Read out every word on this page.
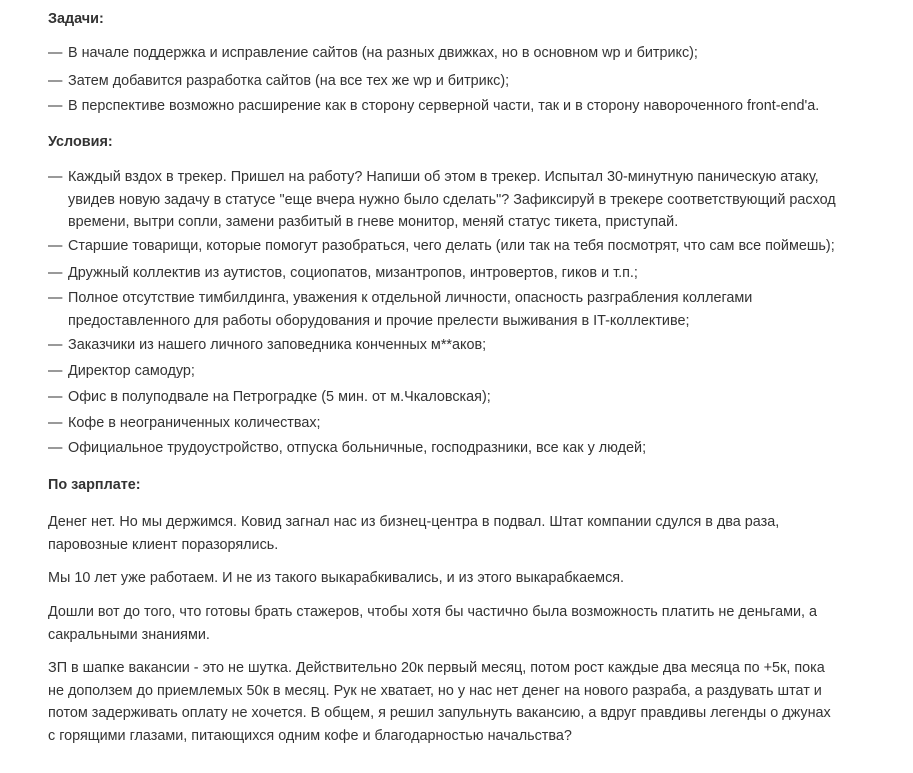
Задачи:
— В начале поддержка и исправление сайтов (на разных движках, но в основном wp и битрикс);
— Затем добавится разработка сайтов (на все тех же wp и битрикс);
— В перспективе возможно расширение как в сторону серверной части, так и в сторону навороченного front-end'а.
Условия:
— Каждый вздох в трекер. Пришел на работу? Напиши об этом в трекер. Испытал 30-минутную паническую атаку,
увидев новую задачу в статусе "еще вчера нужно было сделать"? Зафиксируй в трекере соответствующий расход
времени, вытри сопли, замени разбитый в гневе монитор, меняй статус тикета, приступай.
— Старшие товарищи, которые помогут разобраться, чего делать (или так на тебя посмотрят, что сам все поймешь);
— Дружный коллектив из аутистов, социопатов, мизантропов, интровертов, гиков и т.п.;
— Полное отсутствие тимбилдинга, уважения к отдельной личности, опасность разграбления коллегами
предоставленного для работы оборудования и прочие прелести выживания в IT-коллективе;
— Заказчики из нашего личного заповедника конченных м**аков;
— Директор самодур;
— Офис в полуподвале на Петроградке (5 мин. от м.Чкаловская);
— Кофе в неограниченных количествах;
— Официальное трудоустройство, отпуска больничные, господразники, все как у людей;
По зарплате:
Денег нет. Но мы держимся. Ковид загнал нас из бизнец-центра в подвал. Штат компании сдулся в два раза,
паровозные клиент поразорялись.
Мы 10 лет уже работаем. И не из такого выкарабкивались, и из этого выкарабкаемся.
Дошли вот до того, что готовы брать стажеров, чтобы хотя бы частично была возможность платить не деньгами, а
сакральными знаниями.
ЗП в шапке вакансии - это не шутка. Действительно 20к первый месяц, потом рост каждые два месяца по +5к, пока
не доползем до приемлемых 50к в месяц. Рук не хватает, но у нас нет денег на нового разраба, а раздувать штат и
потом задерживать оплату не хочется. В общем, я решил запульнуть вакансию, а вдруг правдивы легенды о джунах
с горящими глазами, питающихся одним кофе и благодарностью начальства?
